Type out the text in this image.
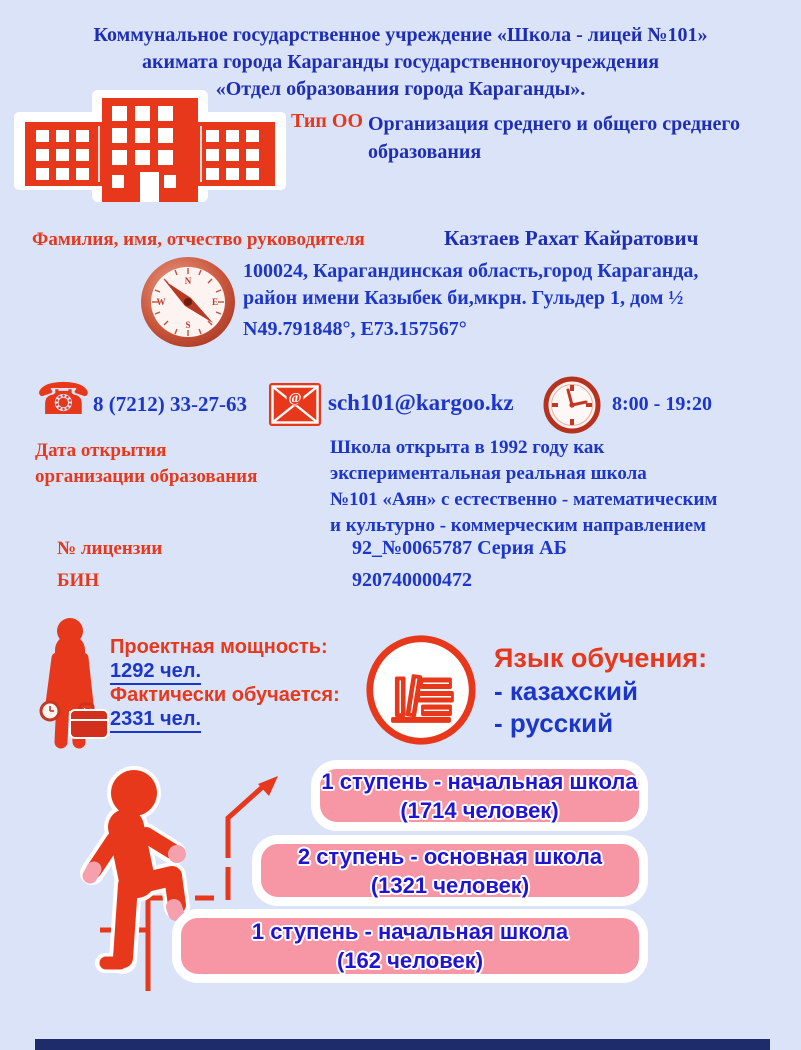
Коммунальное государственное учреждение «Школа - лицей №101»
акимата города Караганды государственногоучреждения
«Отдел образования города Караганды».
Тип ОО Организация среднего и общего среднего
образования
Фамилия, имя, отчество руководителя	Казтаев Рахат Кайратович
N
E
S
W
100024, Карагандинская область,город Караганда,
район имени Казыбек би,мкрн. Гульдер 1, дом ½
N49.791848°, E73.157567°
☎ 8 (7212) 33-27-63	@ sch101@kargoo.kz	8:00 - 19:20
Дата открытия
организации образования
Школа открыта в 1992 году как
экспериментальная реальная школа
№101 «Аян» с естественно - математическим
и культурно - коммерческим направлением
№ лицензии	92_№0065787 Серия АБ
БИН	920740000472
Проектная мощность:
1292 чел.
Фактически обучается:
2331 чел.
Язык обучения:
- казахский
- русский
1 ступень - начальная школа
(1714 человек)
2 ступень - основная школа
(1321 человек)
1 ступень - начальная школа
(162 человек)
